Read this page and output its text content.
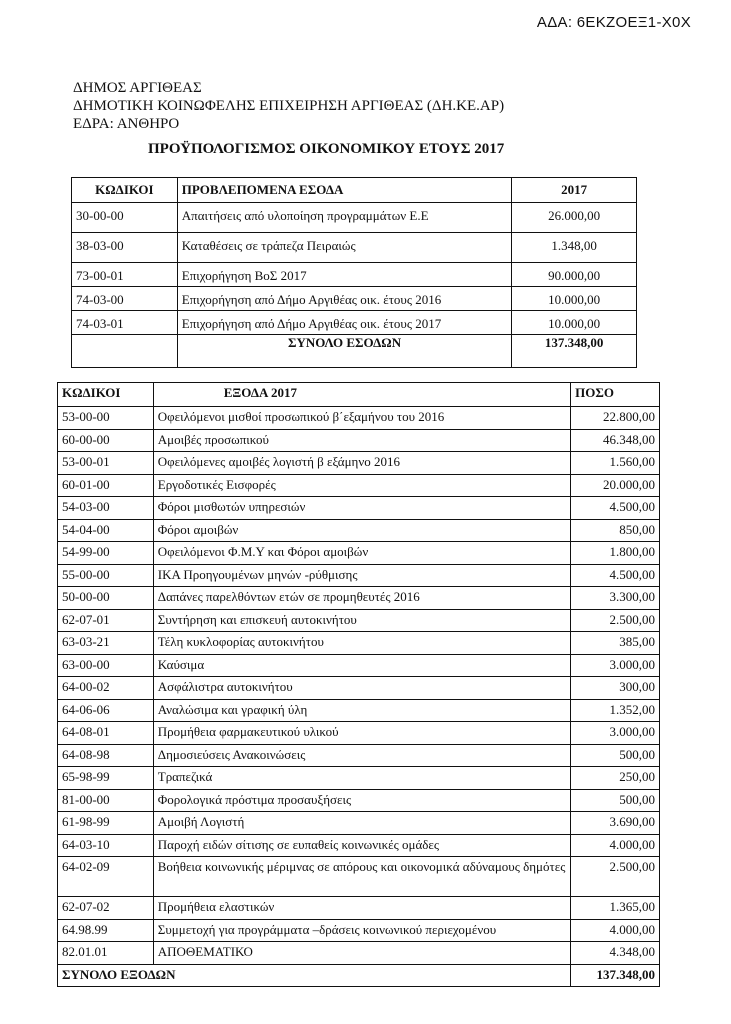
ΑΔΑ: 6ΕΚΖΟΕΞ1-Χ0Χ
ΔΗΜΟΣ ΑΡΓΙΘΕΑΣ
ΔΗΜΟΤΙΚΗ ΚΟΙΝΩΦΕΛΗΣ ΕΠΙΧΕΙΡΗΣΗ ΑΡΓΙΘΕΑΣ (ΔΗ.ΚΕ.ΑΡ)
ΕΔΡΑ: ΑΝΘΗΡΟ
ΠΡΟΫΠΟΛΟΓΙΣΜΟΣ ΟΙΚΟΝΟΜΙΚΟΥ ΕΤΟΥΣ 2017
ΚΩΔΙΚΟΙ	ΠΡΟΒΛΕΠΟΜΕΝΑ ΕΣΟΔΑ	2017
30-00-00	Απαιτήσεις από υλοποίηση προγραμμάτων Ε.Ε	26.000,00
38-03-00	Καταθέσεις σε τράπεζα Πειραιώς	1.348,00
73-00-01	Επιχορήγηση ΒοΣ 2017	90.000,00
74-03-00	Επιχορήγηση από Δήμο Αργιθέας οικ. έτους 2016	10.000,00
74-03-01	Επιχορήγηση από Δήμο Αργιθέας οικ. έτους 2017	10.000,00
	ΣΥΝΟΛΟ ΕΣΟΔΩΝ	137.348,00
ΚΩΔΙΚΟΙ	ΕΞΟΔΑ 2017	ΠΟΣΟ
53-00-00	Οφειλόμενοι μισθοί προσωπικού β΄εξαμήνου του 2016	22.800,00
60-00-00	Αμοιβές προσωπικού	46.348,00
53-00-01	Οφειλόμενες αμοιβές λογιστή β εξάμηνο 2016	1.560,00
60-01-00	Εργοδοτικές Εισφορές	20.000,00
54-03-00	Φόροι μισθωτών υπηρεσιών	4.500,00
54-04-00	Φόροι αμοιβών	850,00
54-99-00	Οφειλόμενοι Φ.Μ.Υ και Φόροι αμοιβών	1.800,00
55-00-00	ΙΚΑ Προηγουμένων μηνών -ρύθμισης	4.500,00
50-00-00	Δαπάνες παρελθόντων ετών σε προμηθευτές 2016	3.300,00
62-07-01	Συντήρηση και επισκευή αυτοκινήτου	2.500,00
63-03-21	Τέλη κυκλοφορίας αυτοκινήτου	385,00
63-00-00	Καύσιμα	3.000,00
64-00-02	Ασφάλιστρα αυτοκινήτου	300,00
64-06-06	Αναλώσιμα και γραφική ύλη	1.352,00
64-08-01	Προμήθεια φαρμακευτικού υλικού	3.000,00
64-08-98	Δημοσιεύσεις Ανακοινώσεις	500,00
65-98-99	Τραπεζικά	250,00
81-00-00	Φορολογικά πρόστιμα προσαυξήσεις	500,00
61-98-99	Αμοιβή Λογιστή	3.690,00
64-03-10	Παροχή ειδών σίτισης σε ευπαθείς κοινωνικές ομάδες	4.000,00
64-02-09	Βοήθεια κοινωνικής μέριμνας σε απόρους και οικονομικά αδύναμους δημότες	2.500,00
62-07-02	Προμήθεια ελαστικών	1.365,00
64.98.99	Συμμετοχή για προγράμματα –δράσεις κοινωνικού περιεχομένου	4.000,00
82.01.01	ΑΠΟΘΕΜΑΤΙΚΟ	4.348,00
ΣΥΝΟΛΟ ΕΞΟΔΩΝ		137.348,00
